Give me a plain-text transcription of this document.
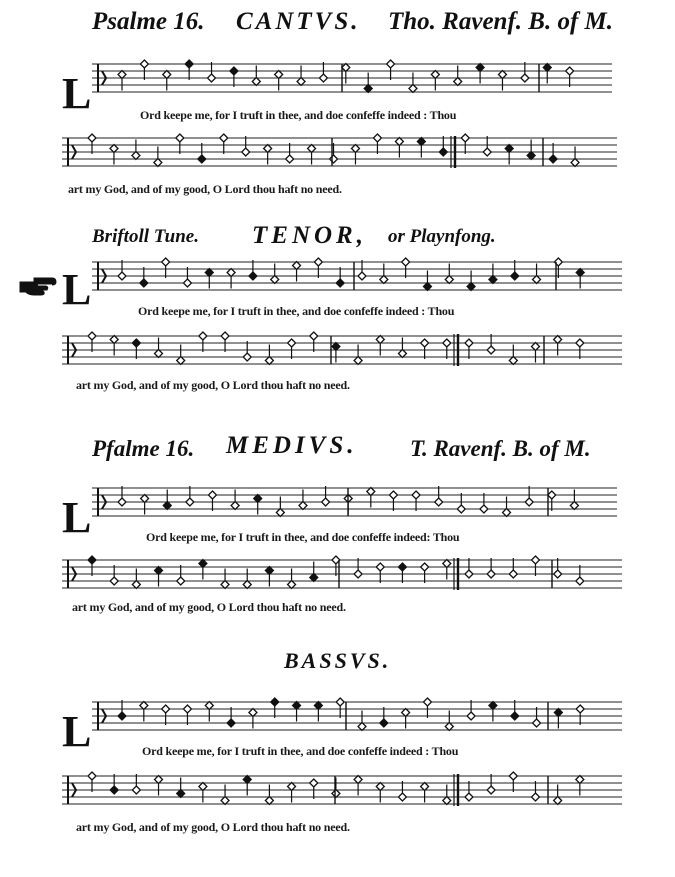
Psalme 16. CANTVS. Tho. Ravenf. B. of M.
L	Ord keepe me, for I truft in thee, and doe confeffe indeed : Thou
art my God, and of my good, O Lord thou haft no need.
Briftoll Tune. TENOR, or Playnfong.
L	Ord keepe me, for I truft in thee, and doe confeffe indeed : Thou
art my God, and of my good, O Lord thou haft no need.
Pfalme 16. MEDIVS. T. Ravenf. B. of M.
L	Ord keepe me, for I truft in thee, and doe confeffe indeed: Thou
art my God, and of my good, O Lord thou haft no need.
BASSVS.
L	Ord keepe me, for I truft in thee, and doe confeffe indeed : Thou
art my God, and of my good, O Lord thou haft no need.
